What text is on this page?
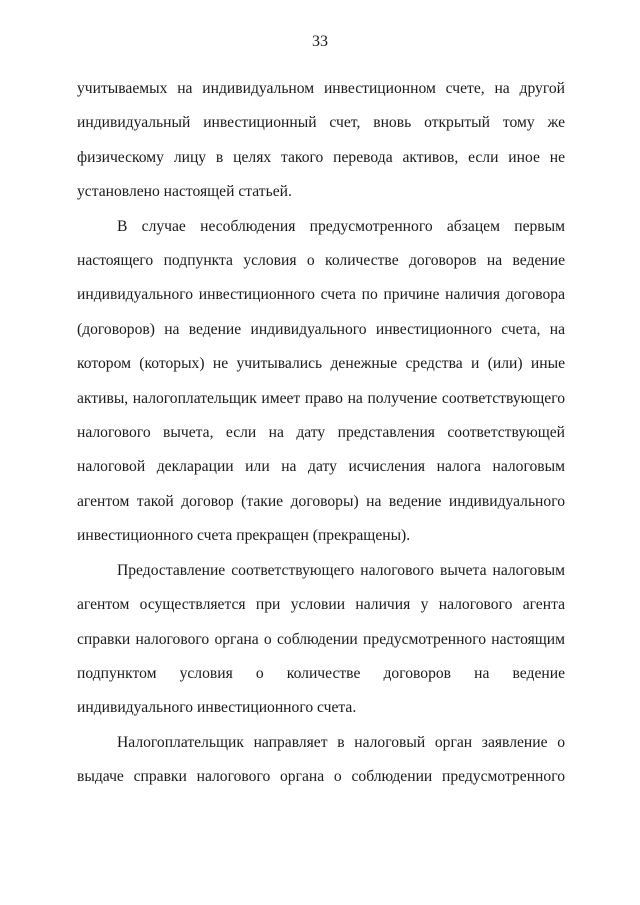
33

учитываемых на индивидуальном инвестиционном счете, на другой индивидуальный инвестиционный счет, вновь открытый тому же физическому лицу в целях такого перевода активов, если иное не установлено настоящей статьей.

В случае несоблюдения предусмотренного абзацем первым настоящего подпункта условия о количестве договоров на ведение индивидуального инвестиционного счета по причине наличия договора (договоров) на ведение индивидуального инвестиционного счета, на котором (которых) не учитывались денежные средства и (или) иные активы, налогоплательщик имеет право на получение соответствующего налогового вычета, если на дату представления соответствующей налоговой декларации или на дату исчисления налога налоговым агентом такой договор (такие договоры) на ведение индивидуального инвестиционного счета прекращен (прекращены).

Предоставление соответствующего налогового вычета налоговым агентом осуществляется при условии наличия у налогового агента справки налогового органа о соблюдении предусмотренного настоящим подпунктом условия о количестве договоров на ведение индивидуального инвестиционного счета.

Налогоплательщик направляет в налоговый орган заявление о выдаче справки налогового органа о соблюдении предусмотренного
